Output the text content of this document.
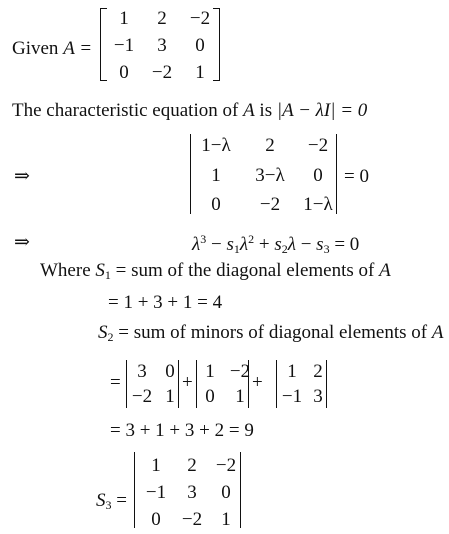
Given A =
1 2 −2
−1 3 0
0 −2 1
The characteristic equation of A is |A − λI| = 0
⇒
1−λ 2 −2
1 3−λ 0
0 −2 1−λ
= 0
⇒	$\lambda^3 - s_1\lambda^2 + s_2\lambda - s_3 = 0$
Where $S_1$ = sum of the diagonal elements of A
= 1 + 3 + 1 = 4
$S_2$ = sum of minors of diagonal elements of A
=
3 0
−2 1
+
1 −2
0 1
+
1 2
−1 3
= 3 + 1 + 3 + 2 = 9
$S_3$ =
1 2 −2
−1 3 0
0 −2 1
